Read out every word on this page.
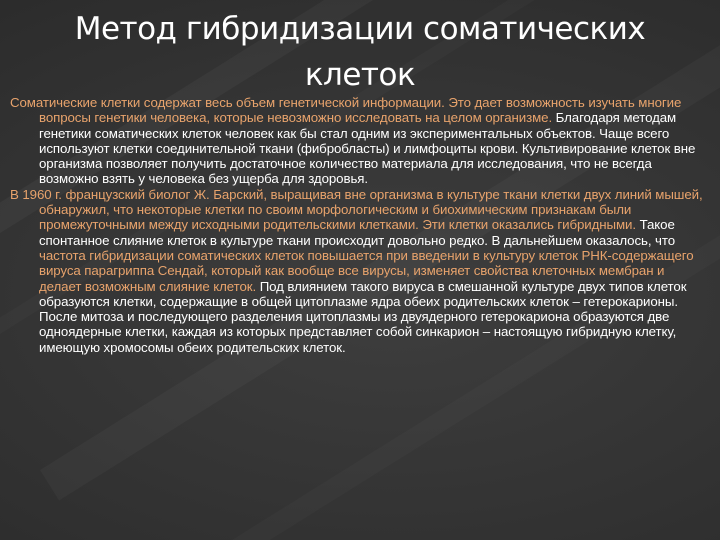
Метод гибридизации соматических клеток

Соматические клетки содержат весь объем генетической информации. Это дает возможность изучать многие вопросы генетики человека, которые невозможно исследовать на целом организме. Благодаря методам генетики соматических клеток человек как бы стал одним из экспериментальных объектов. Чаще всего используют клетки соединительной ткани (фибробласты) и лимфоциты крови. Культивирование клеток вне организма позволяет получить достаточное количество материала для исследования, что не всегда возможно взять у человека без ущерба для здоровья.

В 1960 г. французский биолог Ж. Барский, выращивая вне организма в культуре ткани клетки двух линий мышей, обнаружил, что некоторые клетки по своим морфологическим и биохимическим признакам были промежуточными между исходными родительскими клетками. Эти клетки оказались гибридными. Такое спонтанное слияние клеток в культуре ткани происходит довольно редко. В дальнейшем оказалось, что частота гибридизации соматических клеток повышается при введении в культуру клеток РНК-содержащего вируса парагриппа Сендай, который как вообще все вирусы, изменяет свойства клеточных мембран и делает возможным слияние клеток. Под влиянием такого вируса в смешанной культуре двух типов клеток образуются клетки, содержащие в общей цитоплазме ядра обеих родительских клеток – гетерокарионы. После митоза и последующего разделения цитоплазмы из двуядерного гетерокариона образуются две одноядерные клетки, каждая из которых представляет собой синкарион – настоящую гибридную клетку, имеющую хромосомы обеих родительских клеток.
